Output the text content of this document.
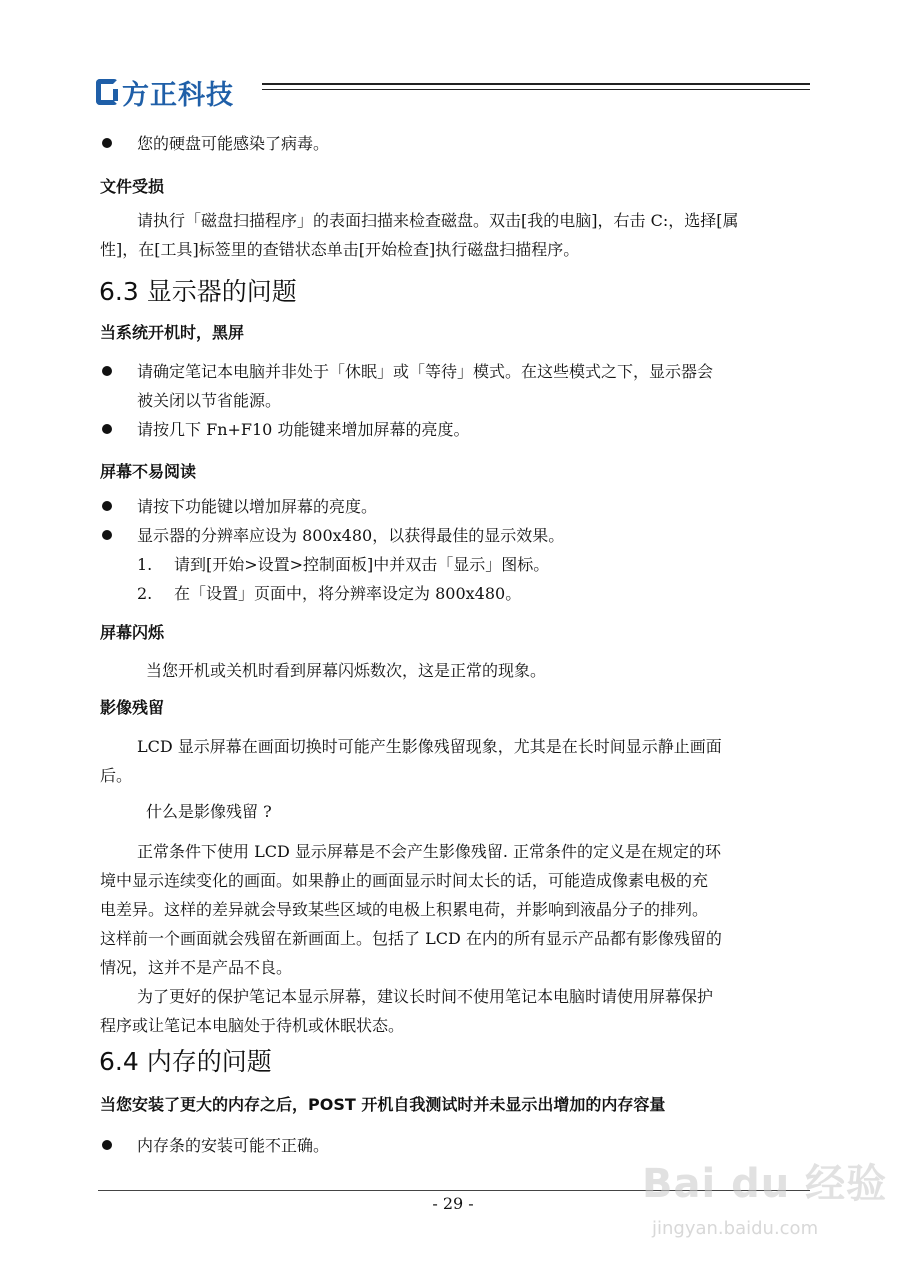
方正科技
您的硬盘可能感染了病毒。
文件受损
请执行「磁盘扫描程序」的表面扫描来检查磁盘。双击[我的电脑]，右击 C:，选择[属
性]，在[工具]标签里的查错状态单击[开始检查]执行磁盘扫描程序。
6.3 显示器的问题
当系统开机时，黑屏
请确定笔记本电脑并非处于「休眠」或「等待」模式。在这些模式之下，显示器会
被关闭以节省能源。
请按几下 Fn+F10 功能键来增加屏幕的亮度。
屏幕不易阅读
请按下功能键以增加屏幕的亮度。
显示器的分辨率应设为 800x480，以获得最佳的显示效果。
1. 请到[开始>设置>控制面板]中并双击「显示」图标。
2. 在「设置」页面中，将分辨率设定为 800x480。
屏幕闪烁
当您开机或关机时看到屏幕闪烁数次，这是正常的现象。
影像残留
LCD 显示屏幕在画面切换时可能产生影像残留现象，尤其是在长时间显示静止画面
后。
什么是影像残留 ?
正常条件下使用 LCD 显示屏幕是不会产生影像残留. 正常条件的定义是在规定的环
境中显示连续变化的画面。如果静止的画面显示时间太长的话，可能造成像素电极的充
电差异。这样的差异就会导致某些区域的电极上积累电荷，并影响到液晶分子的排列。
这样前一个画面就会残留在新画面上。包括了 LCD 在内的所有显示产品都有影像残留的
情况，这并不是产品不良。
为了更好的保护笔记本显示屏幕，建议长时间不使用笔记本电脑时请使用屏幕保护
程序或让笔记本电脑处于待机或休眠状态。
6.4 内存的问题
当您安装了更大的内存之后，POST 开机自我测试时并未显示出增加的内存容量
内存条的安装可能不正确。
- 29 -	Bai du 经验
jingyan.baidu.com
